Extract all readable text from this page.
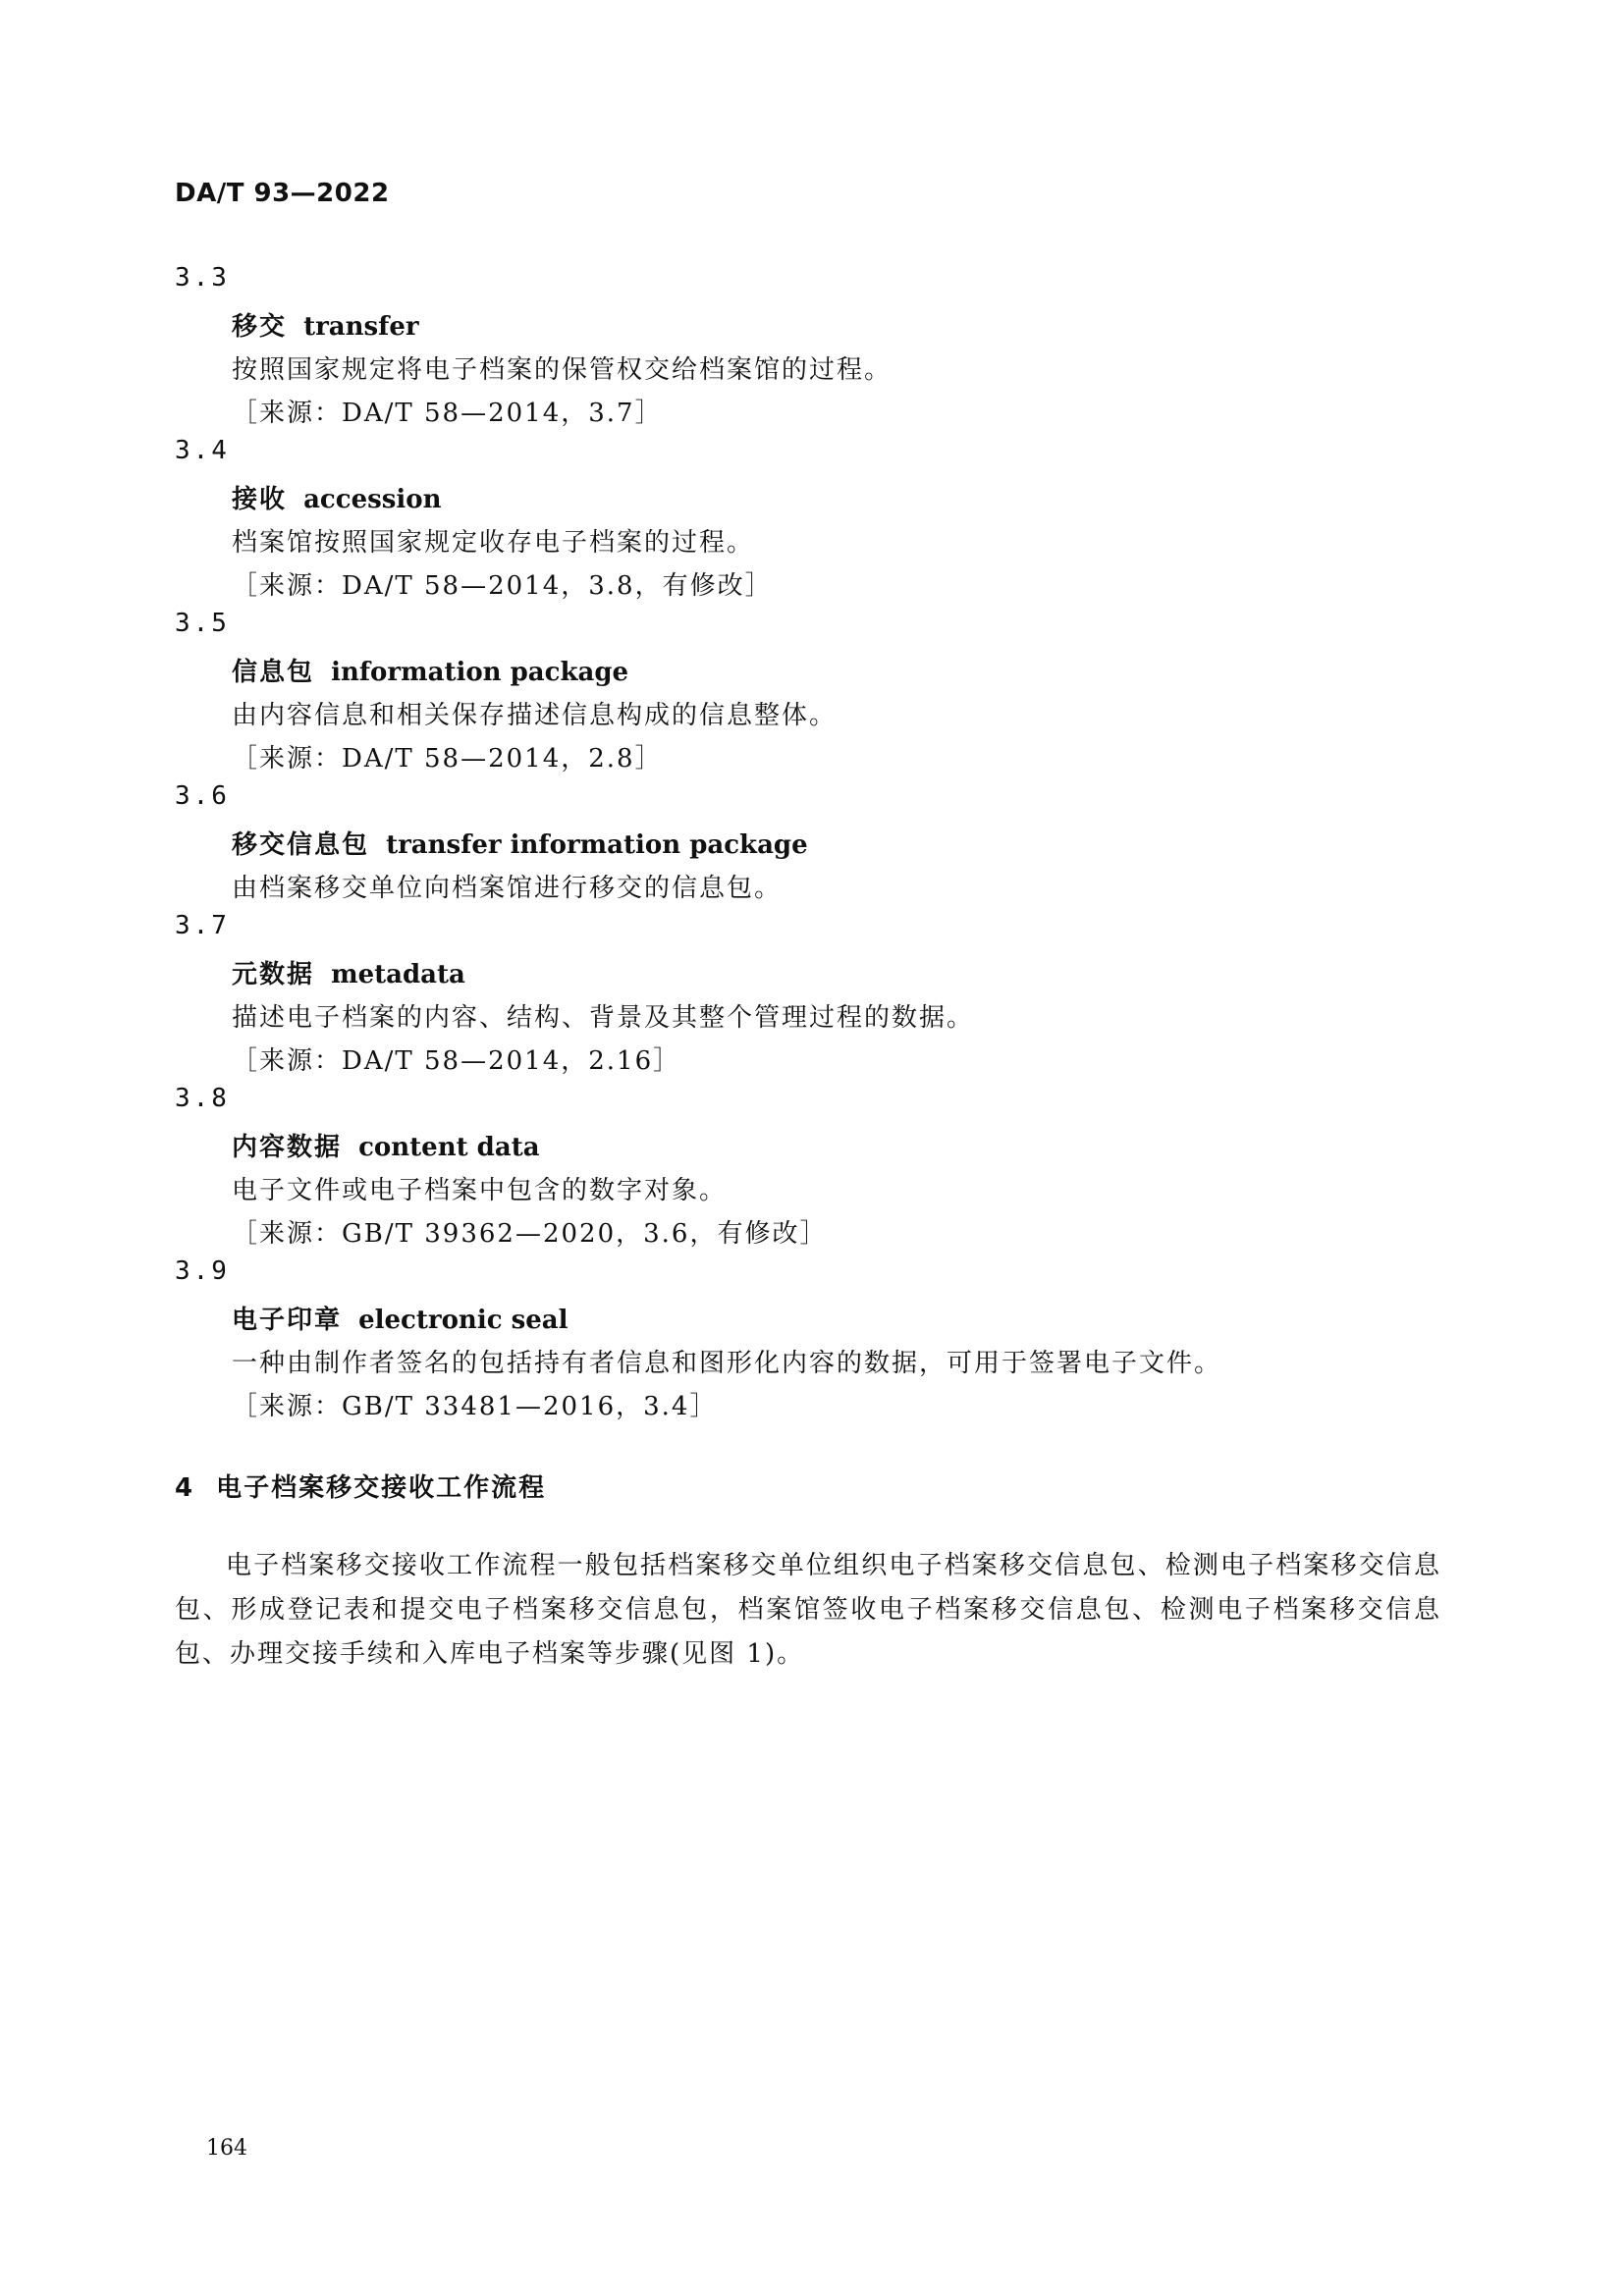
DA/T 93—2022
3.3
移交 transfer
按照国家规定将电子档案的保管权交给档案馆的过程。
［来源：DA/T 58—2014，3.7］
3.4
接收 accession
档案馆按照国家规定收存电子档案的过程。
［来源：DA/T 58—2014，3.8，有修改］
3.5
信息包 information package
由内容信息和相关保存描述信息构成的信息整体。
［来源：DA/T 58—2014，2.8］
3.6
移交信息包 transfer information package
由档案移交单位向档案馆进行移交的信息包。
3.7
元数据 metadata
描述电子档案的内容、结构、背景及其整个管理过程的数据。
［来源：DA/T 58—2014，2.16］
3.8
内容数据 content data
电子文件或电子档案中包含的数字对象。
［来源：GB/T 39362—2020，3.6，有修改］
3.9
电子印章 electronic seal
一种由制作者签名的包括持有者信息和图形化内容的数据，可用于签署电子文件。
［来源：GB/T 33481—2016，3.4］
4 电子档案移交接收工作流程
电子档案移交接收工作流程一般包括档案移交单位组织电子档案移交信息包、检测电子档案移交信息包、形成登记表和提交电子档案移交信息包，档案馆签收电子档案移交信息包、检测电子档案移交信息包、办理交接手续和入库电子档案等步骤(见图 1)。
164
